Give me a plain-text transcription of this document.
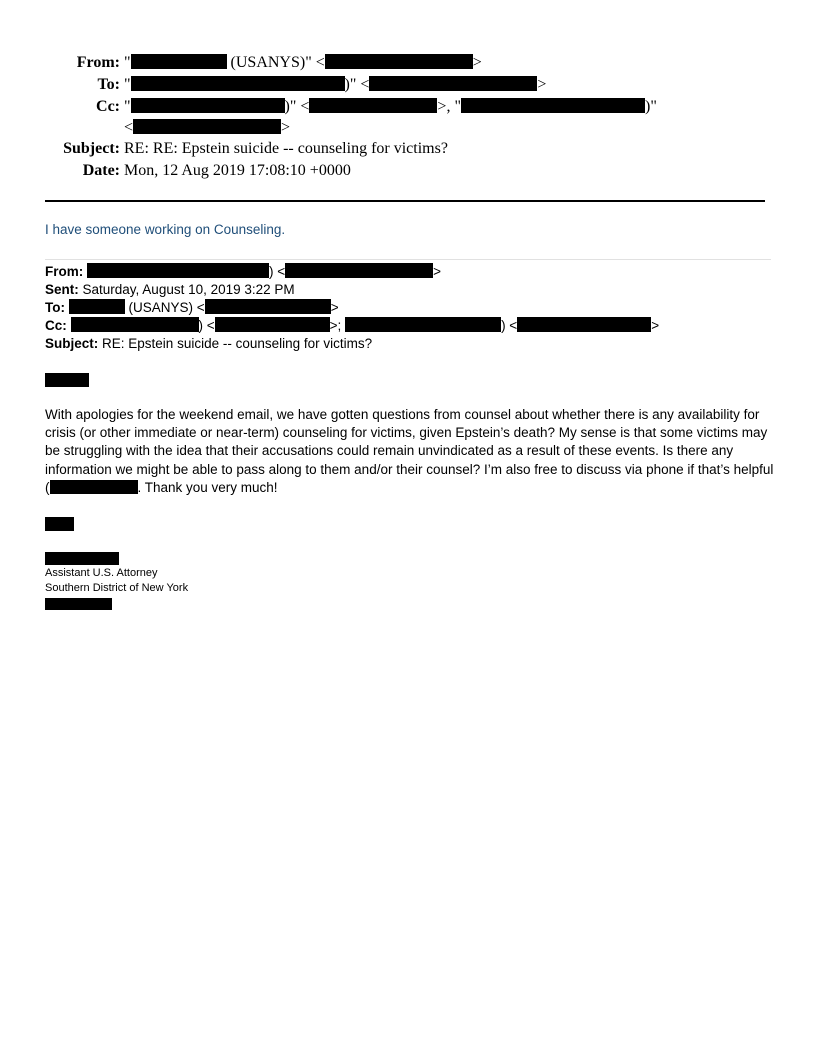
From: "	(USANYS)" <	>
To: "	)" <	>
Cc: "	)" <	>, "	)"
<	>
Subject: RE: RE: Epstein suicide -- counseling for victims?
Date: Mon, 12 Aug 2019 17:08:10 +0000
I have someone working on Counseling.
From:	) <	>
Sent: Saturday, August 10, 2019 3:22 PM
To:	(USANYS) <	>
Cc:	) <	>;	) <	>
Subject: RE: Epstein suicide -- counseling for victims?
With apologies for the weekend email, we have gotten questions from counsel about whether there is any availability for crisis (or other immediate or near-term) counseling for victims, given Epstein’s death? My sense is that some victims may be struggling with the idea that their accusations could remain unvindicated as a result of these events. Is there any information we might be able to pass along to them and/or their counsel? I’m also free to discuss via phone if that’s helpful (	. Thank you very much!
Assistant U.S. Attorney
Southern District of New York
